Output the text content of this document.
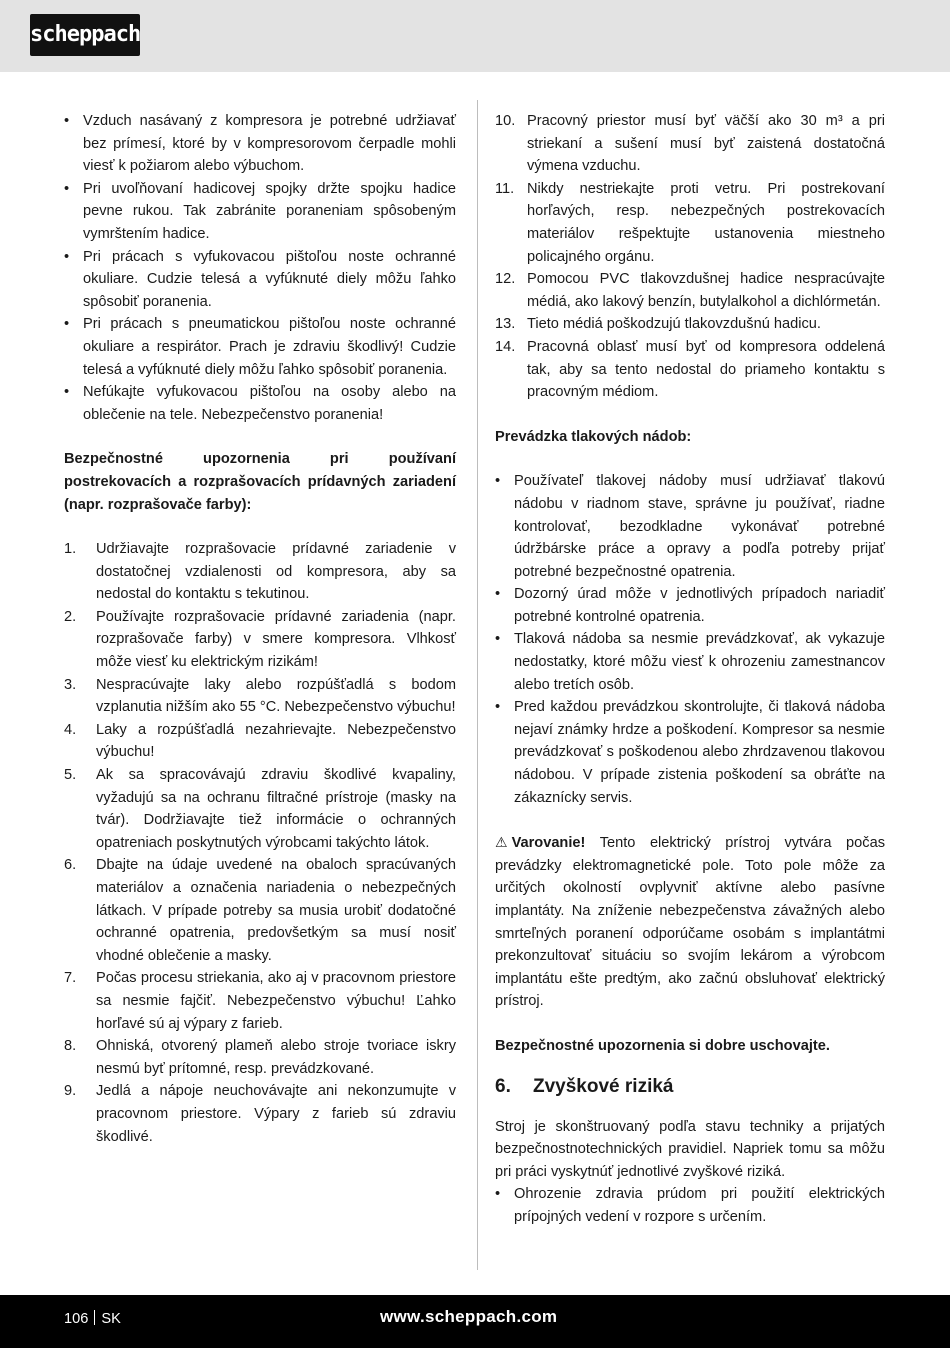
scheppach
• Vzduch nasávaný z kompresora je potrebné udržiavať bez prímesí, ktoré by v kompresorovom čerpadle mohli viesť k požiarom alebo výbuchom.
• Pri uvoľňovaní hadicovej spojky držte spojku hadice pevne rukou. Tak zabránite poraneniam spôsobeným vymrštením hadice.
• Pri prácach s vyfukovacou pištoľou noste ochranné okuliare. Cudzie telesá a vyfúknuté diely môžu ľahko spôsobiť poranenia.
• Pri prácach s pneumatickou pištoľou noste ochranné okuliare a respirátor. Prach je zdraviu škodlivý! Cudzie telesá a vyfúknuté diely môžu ľahko spôsobiť poranenia.
• Nefúkajte vyfukovacou pištoľou na osoby alebo na oblečenie na tele. Nebezpečenstvo poranenia!

Bezpečnostné upozornenia pri používaní postrekovacích a rozprašovacích prídavných zariadení (napr. rozprašovače farby):

1. Udržiavajte rozprašovacie prídavné zariadenie v dostatočnej vzdialenosti od kompresora, aby sa nedostal do kontaktu s tekutinou.
2. Používajte rozprašovacie prídavné zariadenia (napr. rozprašovače farby) v smere kompresora. Vlhkosť môže viesť ku elektrickým rizikám!
3. Nespracúvajte laky alebo rozpúšťadlá s bodom vzplanutia nižším ako 55 °C. Nebezpečenstvo výbuchu!
4. Laky a rozpúšťadlá nezahrievajte. Nebezpečenstvo výbuchu!
5. Ak sa spracovávajú zdraviu škodlivé kvapaliny, vyžadujú sa na ochranu filtračné prístroje (masky na tvár). Dodržiavajte tiež informácie o ochranných opatreniach poskytnutých výrobcami takýchto látok.
6. Dbajte na údaje uvedené na obaloch spracúvaných materiálov a označenia nariadenia o nebezpečných látkach. V prípade potreby sa musia urobiť dodatočné ochranné opatrenia, predovšetkým sa musí nosiť vhodné oblečenie a masky.
7. Počas procesu striekania, ako aj v pracovnom priestore sa nesmie fajčiť. Nebezpečenstvo výbuchu! Ľahko horľavé sú aj výpary z farieb.
8. Ohniská, otvorený plameň alebo stroje tvoriace iskry nesmú byť prítomné, resp. prevádzkované.
9. Jedlá a nápoje neuchovávajte ani nekonzumujte v pracovnom priestore. Výpary z farieb sú zdraviu škodlivé.
10. Pracovný priestor musí byť väčší ako 30 m³ a pri striekaní a sušení musí byť zaistená dostatočná výmena vzduchu.
11. Nikdy nestriekajte proti vetru. Pri postrekovaní horľavých, resp. nebezpečných postrekovacích materiálov rešpektujte ustanovenia miestneho policajného orgánu.
12. Pomocou PVC tlakovzdušnej hadice nespracúvajte médiá, ako lakový benzín, butylalkohol a dichlórmetán.
13. Tieto médiá poškodzujú tlakovzdušnú hadicu.
14. Pracovná oblasť musí byť od kompresora oddelená tak, aby sa tento nedostal do priameho kontaktu s pracovným médiom.

Prevádzka tlakových nádob:

• Používateľ tlakovej nádoby musí udržiavať tlakovú nádobu v riadnom stave, správne ju používať, riadne kontrolovať, bezodkladne vykonávať potrebné údržbárske práce a opravy a podľa potreby prijať potrebné bezpečnostné opatrenia.
• Dozorný úrad môže v jednotlivých prípadoch nariadiť potrebné kontrolné opatrenia.
• Tlaková nádoba sa nesmie prevádzkovať, ak vykazuje nedostatky, ktoré môžu viesť k ohrozeniu zamestnancov alebo tretích osôb.
• Pred každou prevádzkou skontrolujte, či tlaková nádoba nejaví známky hrdze a poškodení. Kompresor sa nesmie prevádzkovať s poškodenou alebo zhrdzavenou tlakovou nádobou. V prípade zistenia poškodení sa obráťte na zákaznícky servis.

⚠ Varovanie! Tento elektrický prístroj vytvára počas prevádzky elektromagnetické pole. Toto pole môže za určitých okolností ovplyvniť aktívne alebo pasívne implantáty. Na zníženie nebezpečenstva závažných alebo smrteľných poranení odporúčame osobám s implantátmi prekonzultovať situáciu so svojím lekárom a výrobcom implantátu ešte predtým, ako začnú obsluhovať elektrický prístroj.

Bezpečnostné upozornenia si dobre uschovajte.

6. Zvyškové riziká

Stroj je skonštruovaný podľa stavu techniky a prijatých bezpečnostnotechnických pravidiel. Napriek tomu sa môžu pri práci vyskytnúť jednotlivé zvyškové riziká.

• Ohrozenie zdravia prúdom pri použití elektrických prípojných vedení v rozpore s určením.
106 SK	www.scheppach.com
